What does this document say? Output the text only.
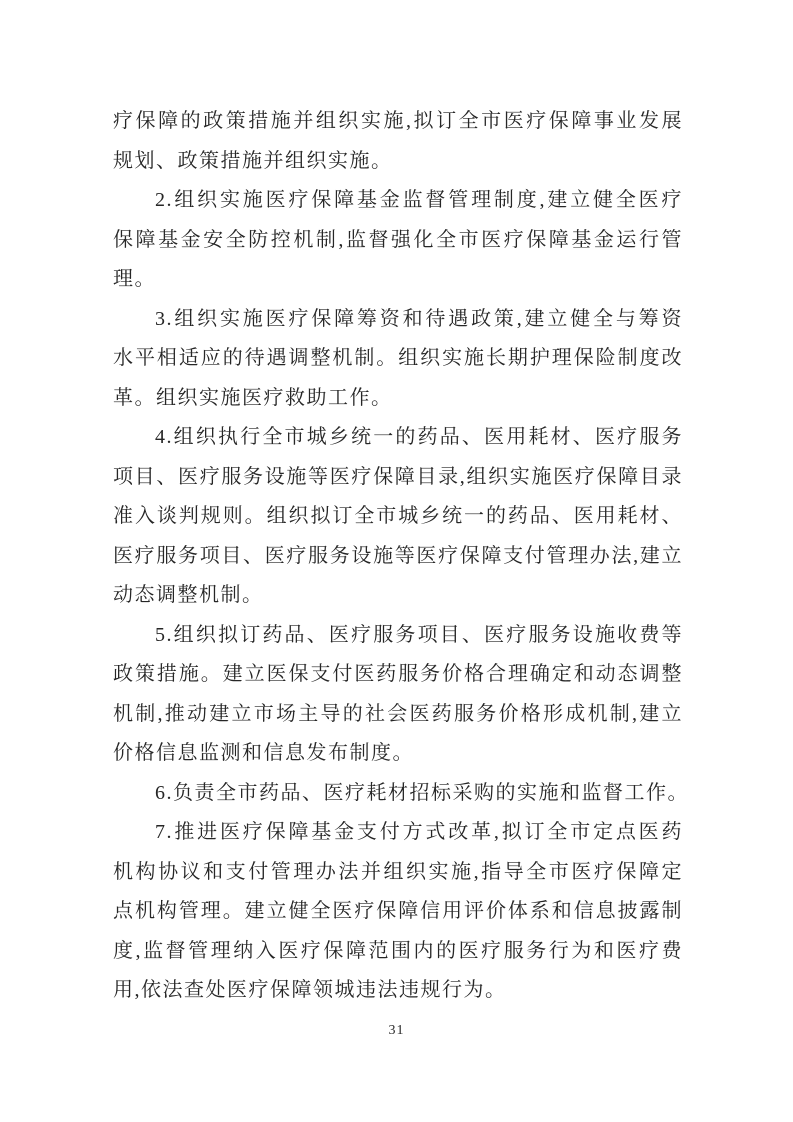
疗保障的政策措施并组织实施,拟订全市医疗保障事业发展
规划、政策措施并组织实施。
2.组织实施医疗保障基金监督管理制度,建立健全医疗
保障基金安全防控机制,监督强化全市医疗保障基金运行管
理。
3.组织实施医疗保障筹资和待遇政策,建立健全与筹资
水平相适应的待遇调整机制。组织实施长期护理保险制度改
革。组织实施医疗救助工作。
4.组织执行全市城乡统一的药品、医用耗材、医疗服务
项目、医疗服务设施等医疗保障目录,组织实施医疗保障目录
准入谈判规则。组织拟订全市城乡统一的药品、医用耗材、
医疗服务项目、医疗服务设施等医疗保障支付管理办法,建立
动态调整机制。
5.组织拟订药品、医疗服务项目、医疗服务设施收费等
政策措施。建立医保支付医药服务价格合理确定和动态调整
机制,推动建立市场主导的社会医药服务价格形成机制,建立
价格信息监测和信息发布制度。
6.负责全市药品、医疗耗材招标采购的实施和监督工作。
7.推进医疗保障基金支付方式改革,拟订全市定点医药
机构协议和支付管理办法并组织实施,指导全市医疗保障定
点机构管理。建立健全医疗保障信用评价体系和信息披露制
度,监督管理纳入医疗保障范围内的医疗服务行为和医疗费
用,依法查处医疗保障领城违法违规行为。
31
